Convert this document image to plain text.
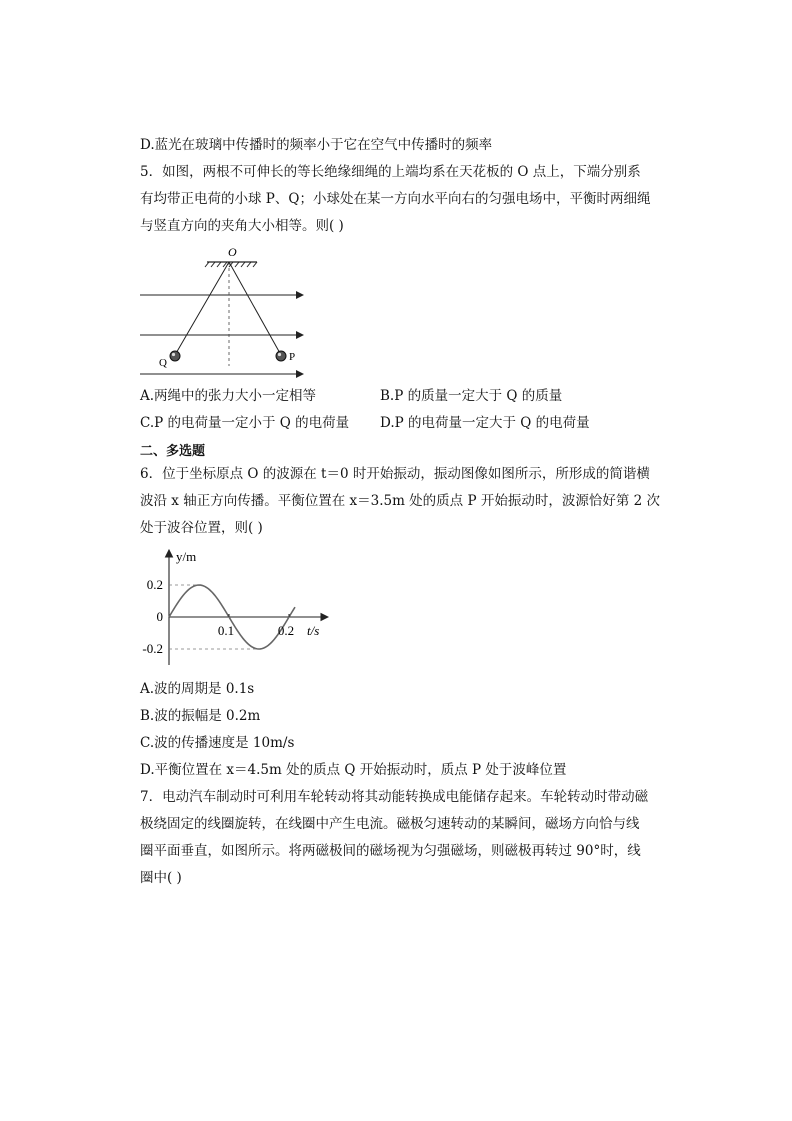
D.蓝光在玻璃中传播时的频率小于它在空气中传播时的频率
5．如图，两根不可伸长的等长绝缘细绳的上端均系在天花板的 O 点上，下端分别系
有均带正电荷的小球 P、Q；小球处在某一方向水平向右的匀强电场中，平衡时两细绳
与竖直方向的夹角大小相等。则( )
O
Q	P
A.两绳中的张力大小一定相等	B.P 的质量一定大于 Q 的质量
C.P 的电荷量一定小于 Q 的电荷量 D.P 的电荷量一定大于 Q 的电荷量
二、多选题
6．位于坐标原点 O 的波源在 t＝0 时开始振动，振动图像如图所示，所形成的简谐横
波沿 x 轴正方向传播。平衡位置在 x＝3.5m 处的质点 P 开始振动时，波源恰好第 2 次
处于波谷位置，则( )
y/m
t/s
0.2
0
-0.2
0.1	0.2
A.波的周期是 0.1s
B.波的振幅是 0.2m
C.波的传播速度是 10m/s
D.平衡位置在 x＝4.5m 处的质点 Q 开始振动时，质点 P 处于波峰位置
7．电动汽车制动时可利用车轮转动将其动能转换成电能储存起来。车轮转动时带动磁
极绕固定的线圈旋转，在线圈中产生电流。磁极匀速转动的某瞬间，磁场方向恰与线
圈平面垂直，如图所示。将两磁极间的磁场视为匀强磁场，则磁极再转过 90°时，线
圈中( )
